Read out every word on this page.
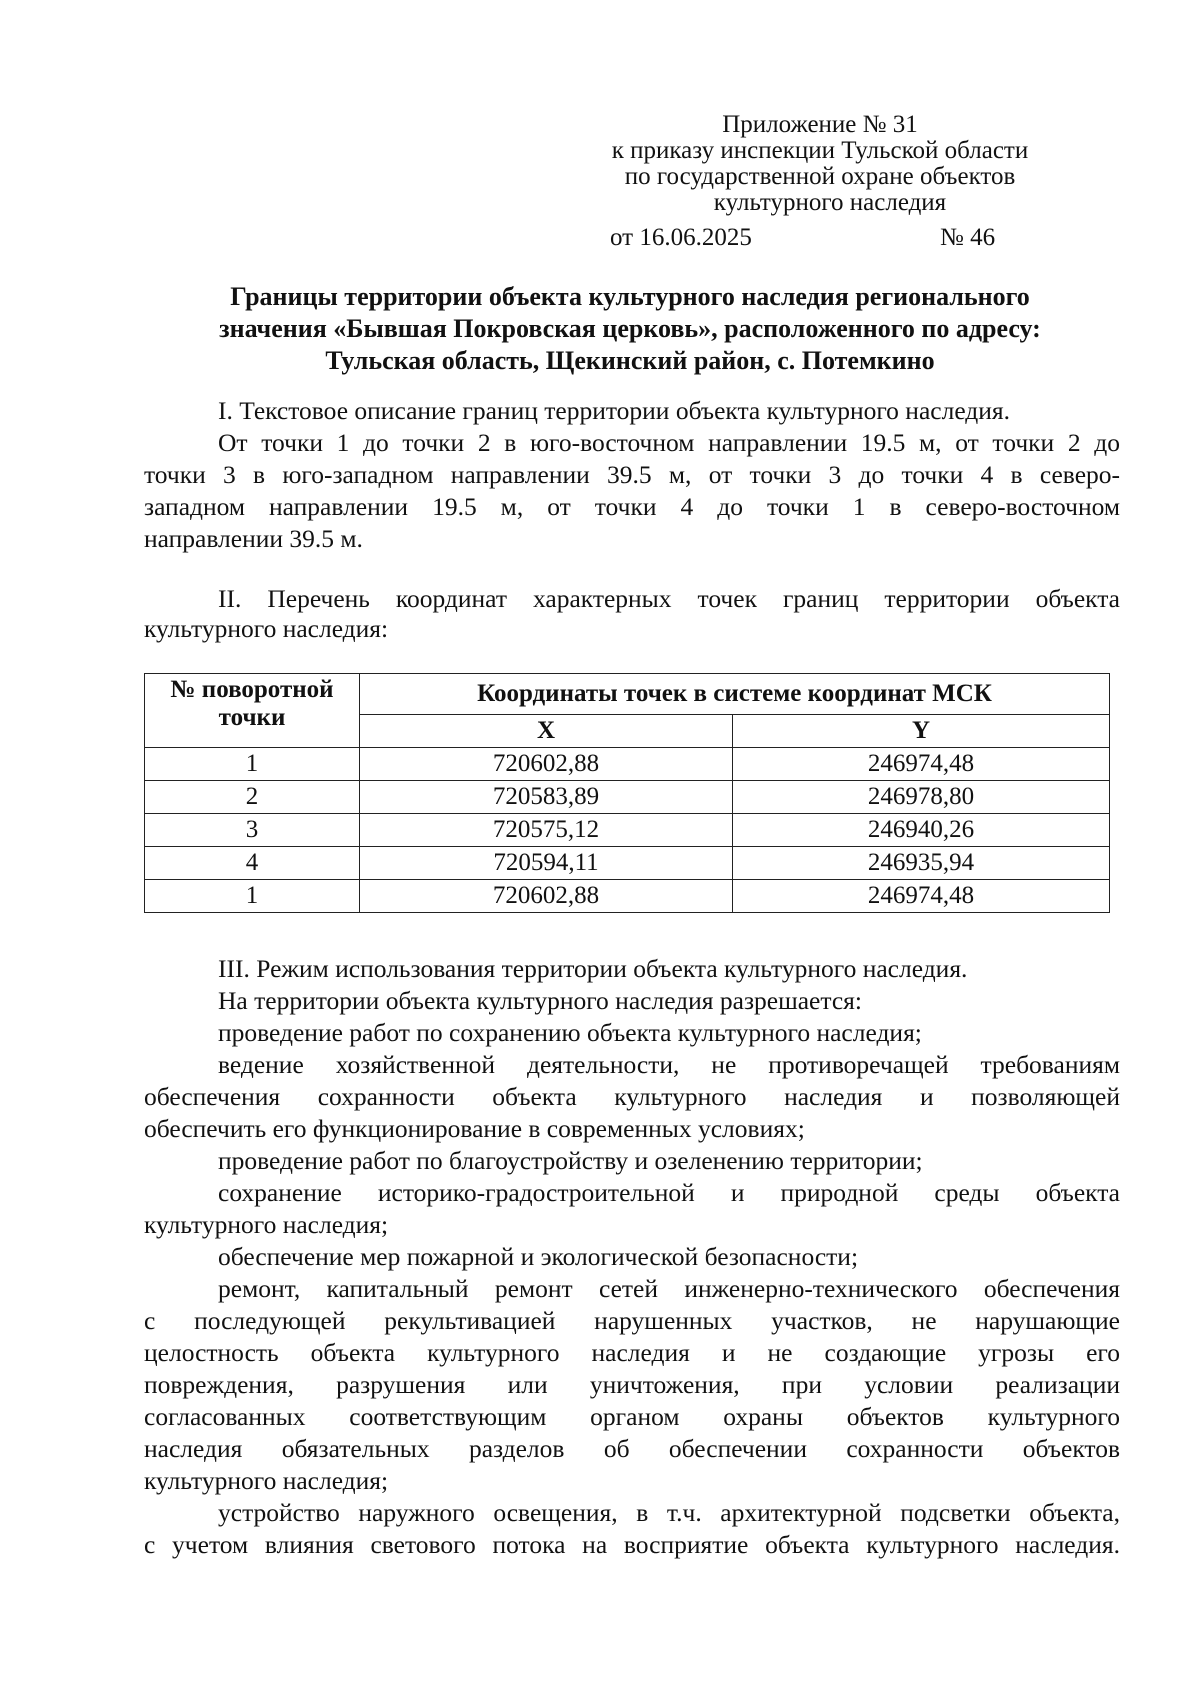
Приложение № 31
к приказу инспекции Тульской области
по государственной охране объектов
культурного наследия
от 16.06.2025	№ 46
Границы территории объекта культурного наследия регионального
значения «Бывшая Покровская церковь», расположенного по адресу:
Тульская область, Щекинский район, с. Потемкино
I. Текстовое описание границ территории объекта культурного наследия.
От точки 1 до точки 2 в юго-восточном направлении 19.5 м, от точки 2 до
точки 3 в юго-западном направлении 39.5 м, от точки 3 до точки 4 в северо-
западном направлении 19.5 м, от точки 4 до точки 1 в северо-восточном
направлении 39.5 м.
II. Перечень координат характерных точек границ территории объекта
культурного наследия:
№ поворотной
точки	Координаты точек в системе координат МСК	
	X	Y
1	720602,88	246974,48
2	720583,89	246978,80
3	720575,12	246940,26
4	720594,11	246935,94
1	720602,88	246974,48
III. Режим использования территории объекта культурного наследия.
На территории объекта культурного наследия разрешается:
проведение работ по сохранению объекта культурного наследия;
ведение хозяйственной деятельности, не противоречащей требованиям
обеспечения сохранности объекта культурного наследия и позволяющей
обеспечить его функционирование в современных условиях;
проведение работ по благоустройству и озеленению территории;
сохранение историко-градостроительной и природной среды объекта
культурного наследия;
обеспечение мер пожарной и экологической безопасности;
ремонт, капитальный ремонт сетей инженерно-технического обеспечения
с последующей рекультивацией нарушенных участков, не нарушающие
целостность объекта культурного наследия и не создающие угрозы его
повреждения, разрушения или уничтожения, при условии реализации
согласованных соответствующим органом охраны объектов культурного
наследия обязательных разделов об обеспечении сохранности объектов
культурного наследия;
устройство наружного освещения, в т.ч. архитектурной подсветки объекта,
с учетом влияния светового потока на восприятие объекта культурного наследия.
